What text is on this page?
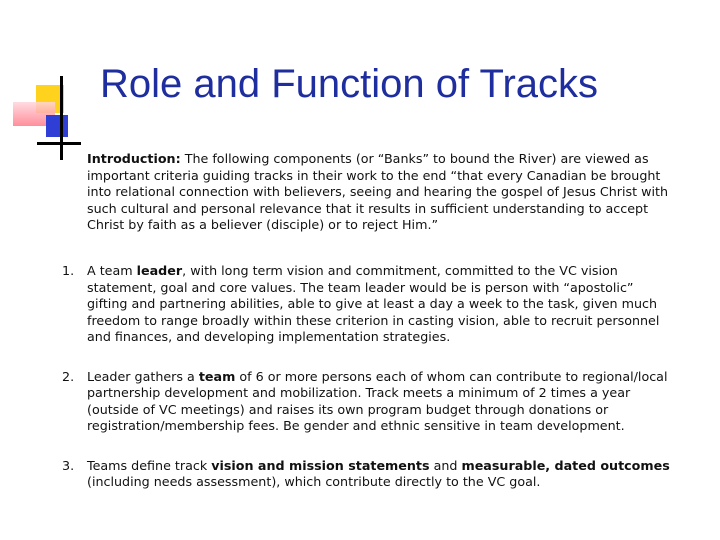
Role and Function of Tracks

Introduction: The following components (or “Banks” to bound the River) are viewed as important criteria guiding tracks in their work to the end “that every Canadian be brought into relational connection with believers, seeing and hearing the gospel of Jesus Christ with such cultural and personal relevance that it results in sufficient understanding to accept Christ by faith as a believer (disciple) or to reject Him.”

1. A team leader, with long term vision and commitment, committed to the VC vision statement, goal and core values. The team leader would be is person with “apostolic” gifting and partnering abilities, able to give at least a day a week to the task, given much freedom to range broadly within these criterion in casting vision, able to recruit personnel and finances, and developing implementation strategies.
2. Leader gathers a team of 6 or more persons each of whom can contribute to regional/local partnership development and mobilization. Track meets a minimum of 2 times a year (outside of VC meetings) and raises its own program budget through donations or registration/membership fees. Be gender and ethnic sensitive in team development.
3. Teams define track vision and mission statements and measurable, dated outcomes (including needs assessment), which contribute directly to the VC goal.
